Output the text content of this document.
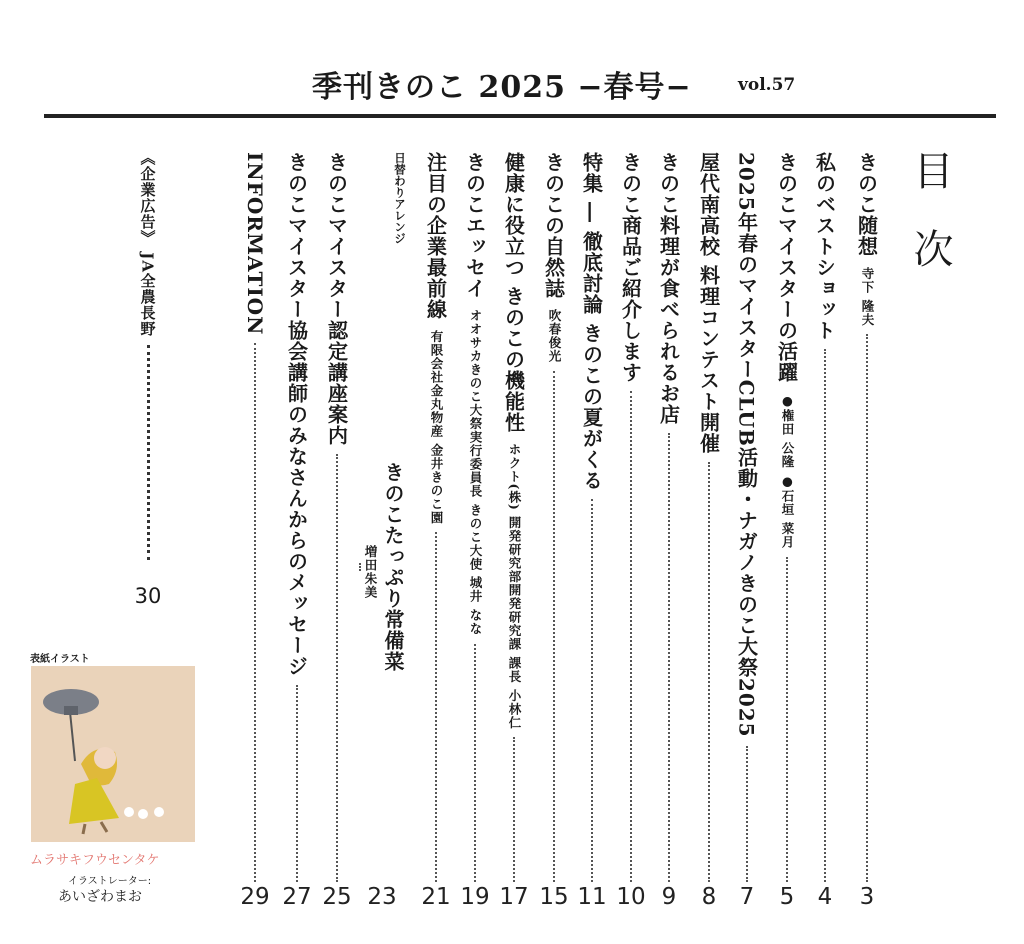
季刊きのこ 2025 −春号−	vol.57
目次
きのこ随想
寺下 隆夫
私のベストショット
きのこマイスターの活躍
●権田 公隆 ●石垣 菜月
2025年春のマイスターCLUB活動・ナガノきのこ大祭2025
屋代南高校 料理コンテスト開催
きのこ料理が食べられるお店
きのこ商品ご紹介します
特集 ― 徹底討論 きのこの夏がくる
きのこの自然誌
吹春俊光
健康に役立つ きのこの機能性
ホクト(株) 開発研究部開発研究課 課長 小林仁
きのこエッセイ
オオサカきのこ大祭実行委員長 きのこ大使 城井 なな
注目の企業最前線
有限会社金丸物産 金井きのこ園
日替わりアレンジ
きのこたっぷり常備菜
増田朱美
きのこマイスター認定講座案内
きのこマイスター協会講師のみなさんからのメッセージ
INFORMATION
3
4
5
7
8
9
10
11
15
17
19
21
23
25
27
29
《企業広告》 JA全農長野
30
表紙イラスト
ムラサキフウセンタケ
イラストレーター:
あいざわまお
